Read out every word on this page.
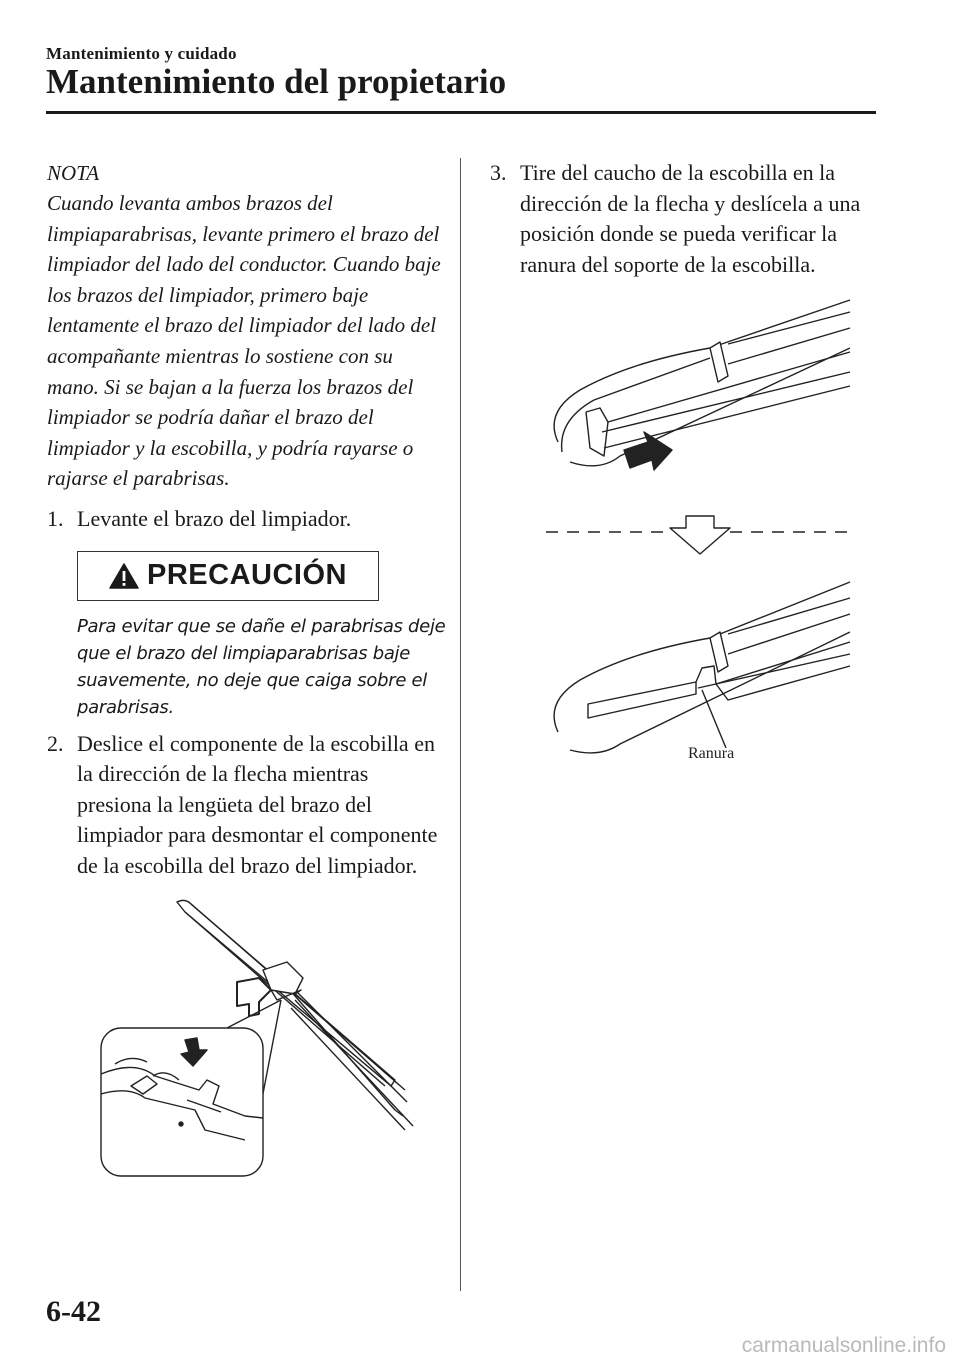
Mantenimiento y cuidado
Mantenimiento del propietario
NOTA

Cuando levanta ambos brazos del limpiaparabrisas, levante primero el brazo del limpiador del lado del conductor. Cuando baje los brazos del limpiador, primero baje lentamente el brazo del limpiador del lado del acompañante mientras lo sostiene con su mano. Si se bajan a la fuerza los brazos del limpiador se podría dañar el brazo del limpiador y la escobilla, y podría rayarse o rajarse el parabrisas.

1. Levante el brazo del limpiador.
PRECAUCIÓN
Para evitar que se dañe el parabrisas deje que el brazo del limpiaparabrisas baje suavemente, no deje que caiga sobre el parabrisas.
2. Deslice el componente de la escobilla en la dirección de la flecha mientras presiona la lengüeta del brazo del limpiador para desmontar el componente de la escobilla del brazo del limpiador.
3. Tire del caucho de la escobilla en la dirección de la flecha y deslícela a una posición donde se pueda verificar la ranura del soporte de la escobilla.
Ranura
6-42
carmanualsonline.info
